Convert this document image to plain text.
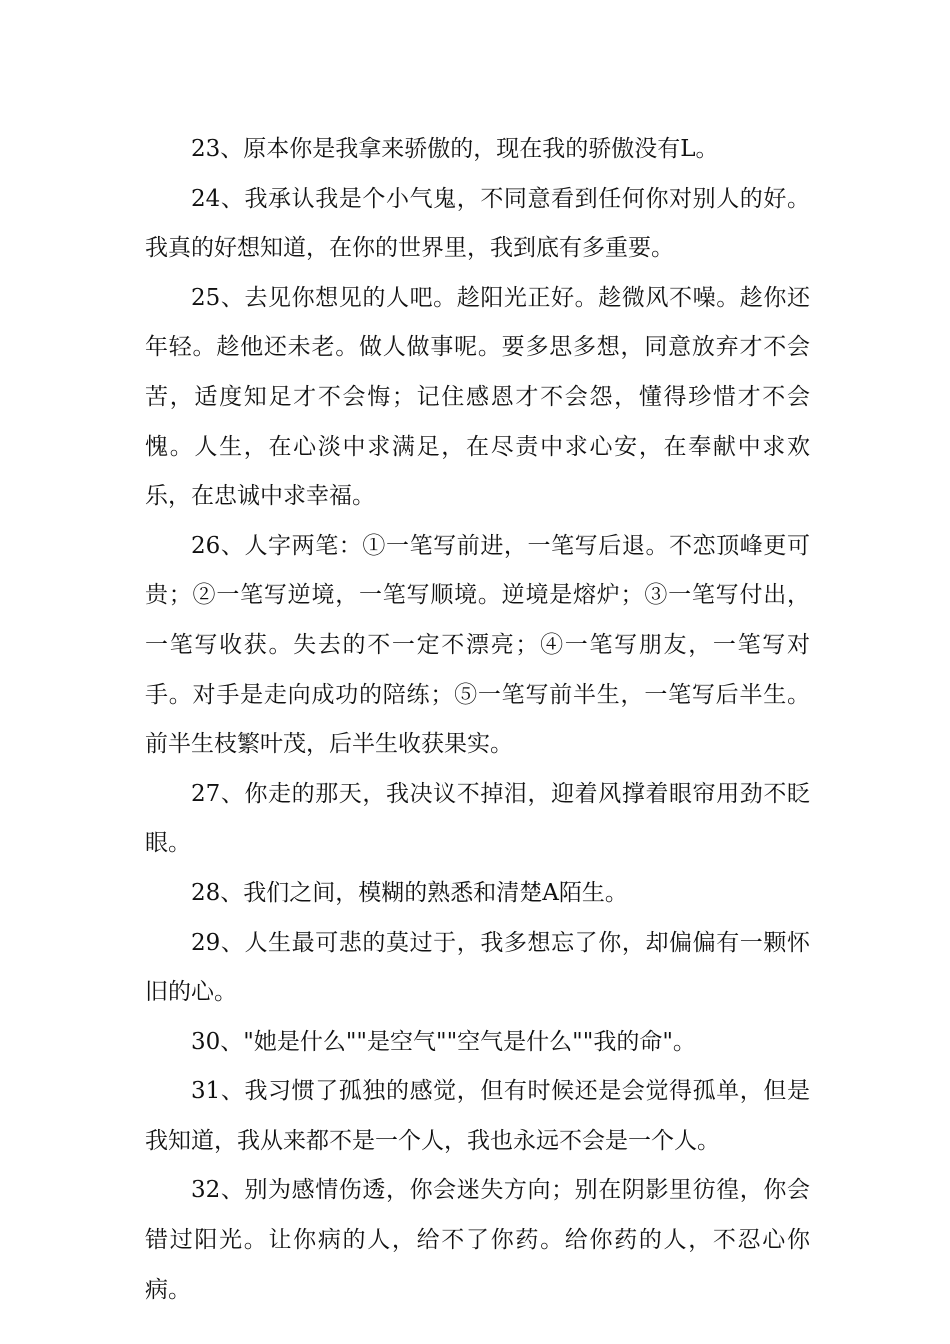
23、原本你是我拿来骄傲的，现在我的骄傲没有L。

24、我承认我是个小气鬼，不同意看到任何你对别人的好。我真的好想知道，在你的世界里，我到底有多重要。

25、去见你想见的人吧。趁阳光正好。趁微风不噪。趁你还年轻。趁他还未老。做人做事呢。要多思多想，同意放弃才不会苦，适度知足才不会悔；记住感恩才不会怨，懂得珍惜才不会愧。人生，在心淡中求满足，在尽责中求心安，在奉献中求欢乐，在忠诚中求幸福。

26、人字两笔：①一笔写前进，一笔写后退。不恋顶峰更可贵；②一笔写逆境，一笔写顺境。逆境是熔炉；③一笔写付出，一笔写收获。失去的不一定不漂亮；④一笔写朋友，一笔写对手。对手是走向成功的陪练；⑤一笔写前半生，一笔写后半生。前半生枝繁叶茂，后半生收获果实。

27、你走的那天，我决议不掉泪，迎着风撑着眼帘用劲不眨眼。

28、我们之间，模糊的熟悉和清楚A陌生。

29、人生最可悲的莫过于，我多想忘了你，却偏偏有一颗怀旧的心。

30、"她是什么""是空气""空气是什么""我的命"。

31、我习惯了孤独的感觉，但有时候还是会觉得孤单，但是我知道，我从来都不是一个人，我也永远不会是一个人。

32、别为感情伤透，你会迷失方向；别在阴影里彷徨，你会错过阳光。让你病的人，给不了你药。给你药的人，不忍心你病。
